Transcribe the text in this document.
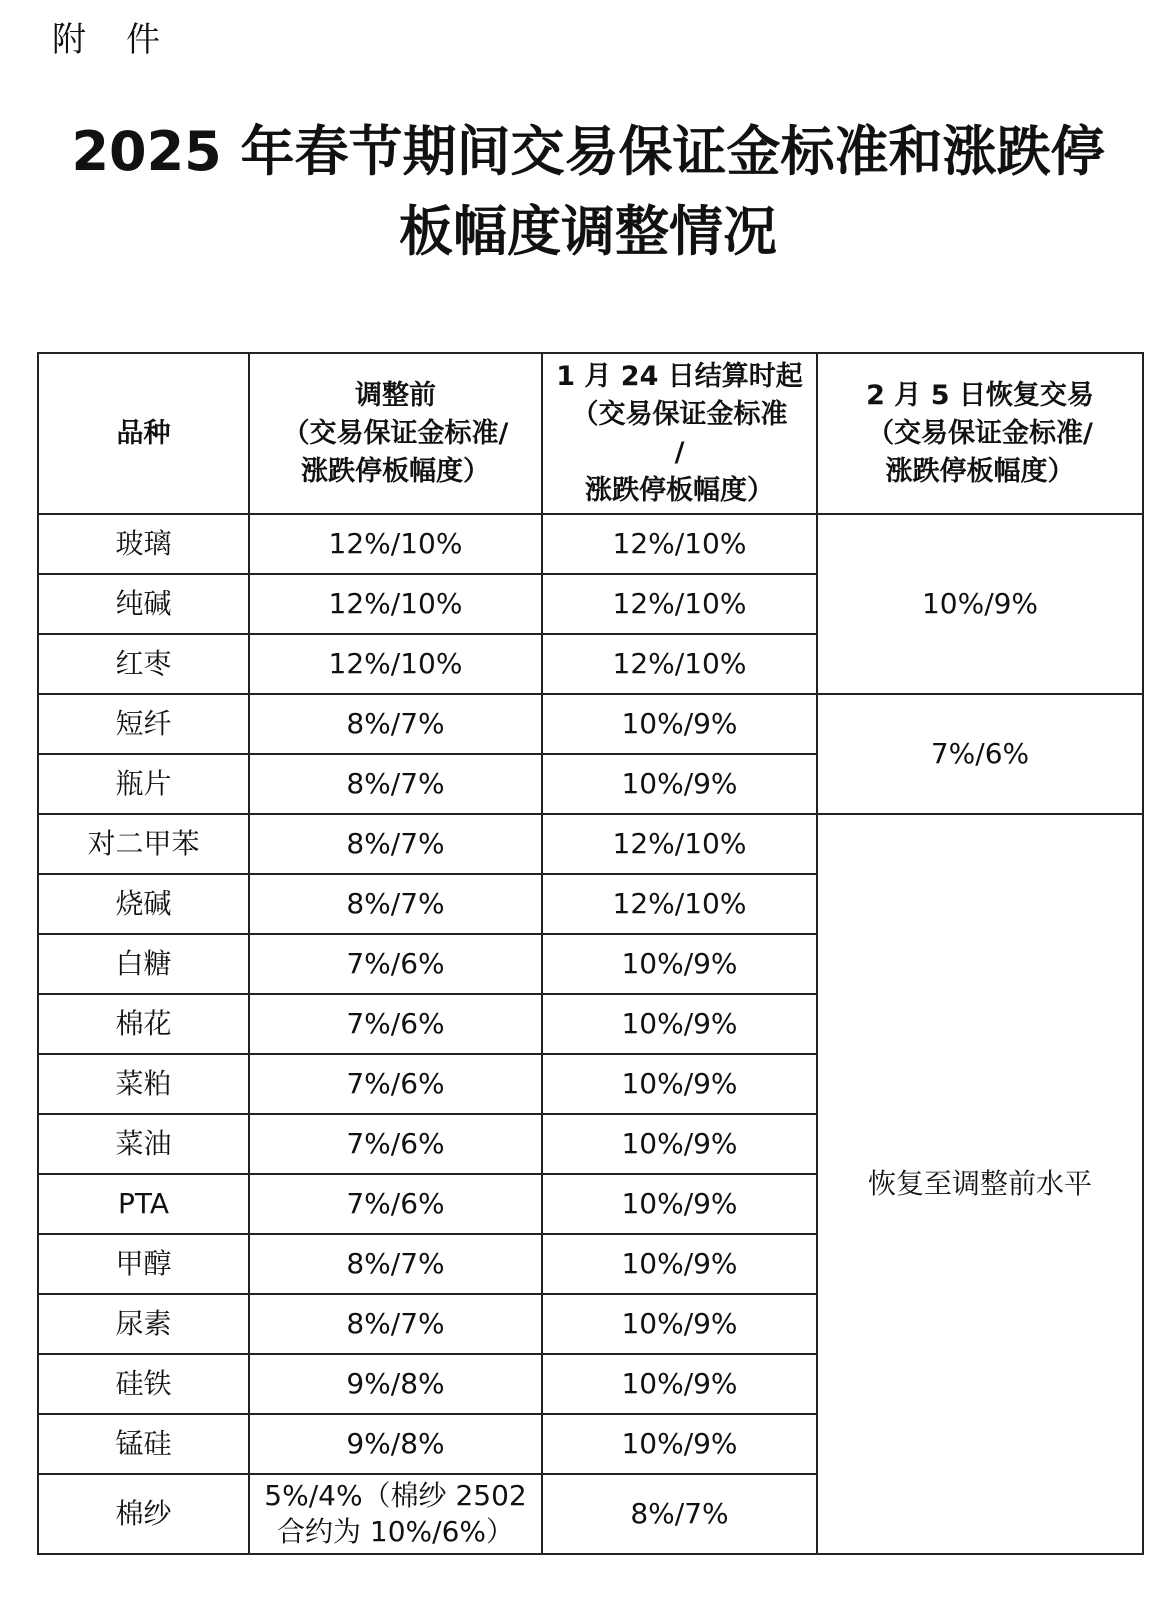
附件
2025 年春节期间交易保证金标准和涨跌停
板幅度调整情况
品种	调整前
（交易保证金标准/
涨跌停板幅度）	1 月 24 日结算时起
（交易保证金标准
/
涨跌停板幅度）	2 月 5 日恢复交易
（交易保证金标准/
涨跌停板幅度）

玻璃	12%/10%	12%/10%	10%/9%
纯碱	12%/10%	12%/10%	
红枣	12%/10%	12%/10%	
短纤	8%/7%	10%/9%	7%/6%
瓶片	8%/7%	10%/9%	
对二甲苯	8%/7%	12%/10%	恢复至调整前水平
烧碱	8%/7%	12%/10%	
白糖	7%/6%	10%/9%	
棉花	7%/6%	10%/9%	
菜粕	7%/6%	10%/9%	
菜油	7%/6%	10%/9%	
PTA	7%/6%	10%/9%	
甲醇	8%/7%	10%/9%	
尿素	8%/7%	10%/9%	
硅铁	9%/8%	10%/9%	
锰硅	9%/8%	10%/9%	
棉纱	5%/4%（棉纱 2502
合约为 10%/6%）	8%/7%	
